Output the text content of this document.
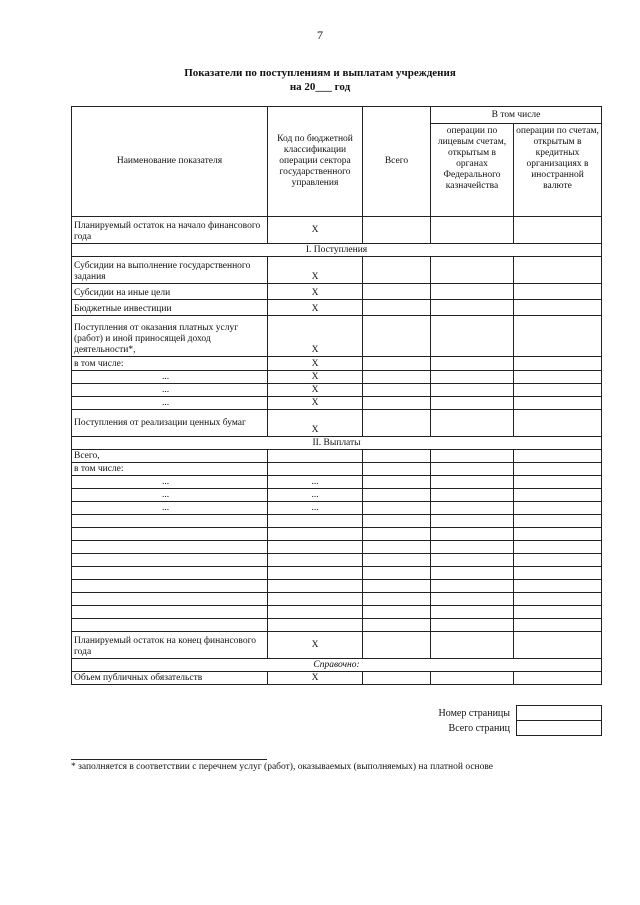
7
Показатели по поступлениям и выплатам учреждения
на 20___ год
Наименование показателя	Код по бюджетной классификации операции сектора государственного управления	Всего	В том числе	
			операции по лицевым счетам, открытым в органах Федерального казначейства	операции по счетам, открытым в кредитных организациях в иностранной валюте
Планируемый остаток на начало финансового года	X			
I. Поступления				
Субсидии на выполнение государственного задания	X			
Субсидии на иные цели	X			
Бюджетные инвестиции	X			
Поступления от оказания платных услуг (работ) и иной приносящей доход деятельности*,	X			
в том числе:	X			
...	X			
...	X			
...	X			
Поступления от реализации ценных бумаг	X			
II. Выплаты				
Всего,				
в том числе:				
...	...			
...	...			
...	...			

Планируемый остаток на конец финансового года	X			
Справочно:				
Объем публичных обязательств	X			
Номер страницы
Всего страниц
* заполняется в соответствии с перечнем услуг (работ), оказываемых (выполняемых) на платной основе
